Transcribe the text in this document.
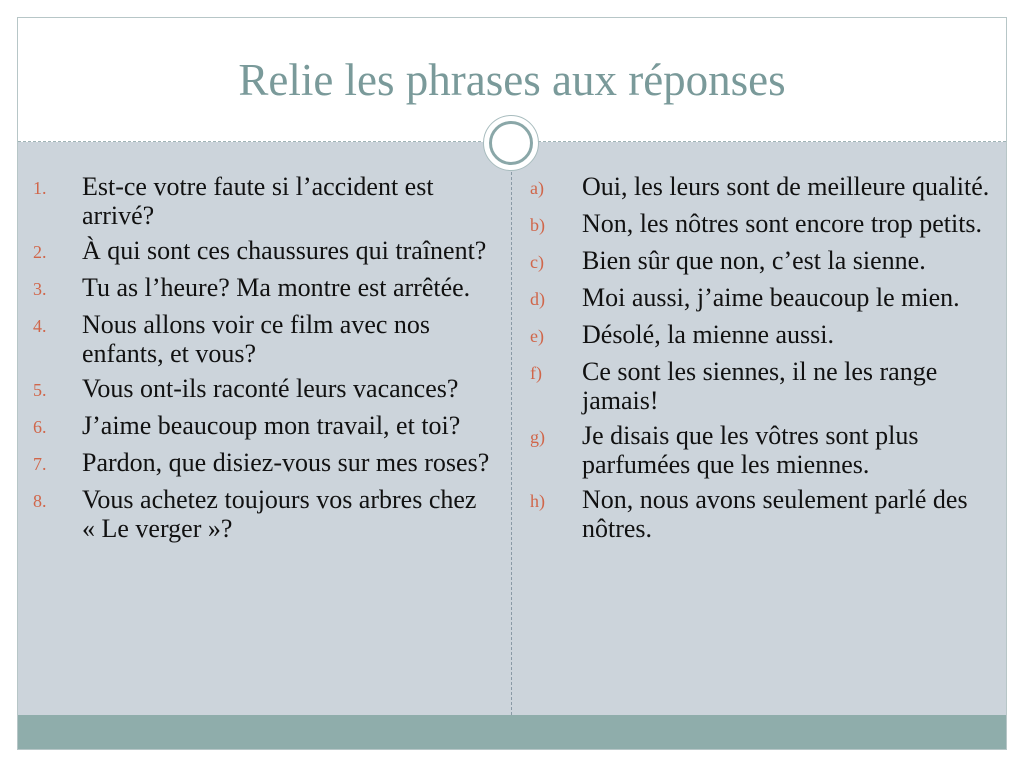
Relie les phrases aux réponses
1.	Est-ce votre faute si l’accident est arrivé?
2.	À qui sont ces chaussures qui traînent?
3.	Tu as l’heure? Ma montre est arrêtée.
4.	Nous allons voir ce film avec nos enfants, et vous?
5.	Vous ont-ils raconté leurs vacances?
6.	J’aime beaucoup mon travail, et toi?
7.	Pardon, que disiez-vous sur mes roses?
8.	Vous achetez toujours vos arbres chez « Le verger »?
a)	Oui, les leurs sont de meilleure qualité.
b)	Non, les nôtres sont encore trop petits.
c)	Bien sûr que non, c’est la sienne.
d)	Moi aussi, j’aime beaucoup le mien.
e)	Désolé, la mienne aussi.
f)	Ce sont les siennes, il ne les range jamais!
g)	Je disais que les vôtres sont plus parfumées que les miennes.
h)	Non, nous avons seulement parlé des nôtres.
